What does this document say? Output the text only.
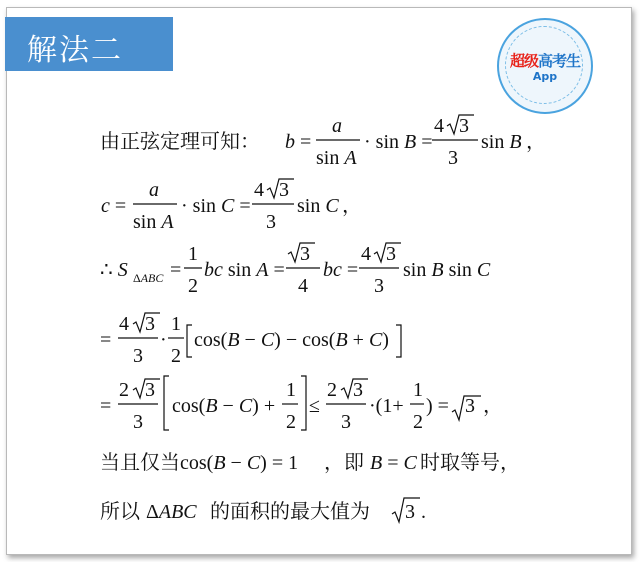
解法二	超级高考生
App
由正弦定理可知： b =
a
sin A
· sin B =
4 3
3
sin B ，
c =
a
sin A
· sin C =
4 3
3
sin C ，
∴ S ΔABC =
1
2
bc sin A =
3
4
bc =
4 3
3
sin B sin C
=
4 3
3
·
1
2
cos(B − C) − cos(B + C)
=
2 3
3
cos(B − C) +
1
2
≤
2 3
3
·(1+
1
2
) = 3 ，
当且仅当 cos(B − C) = 1 ，即 B = C 时取等号，
所以 ΔABC 的面积的最大值为 3 .
